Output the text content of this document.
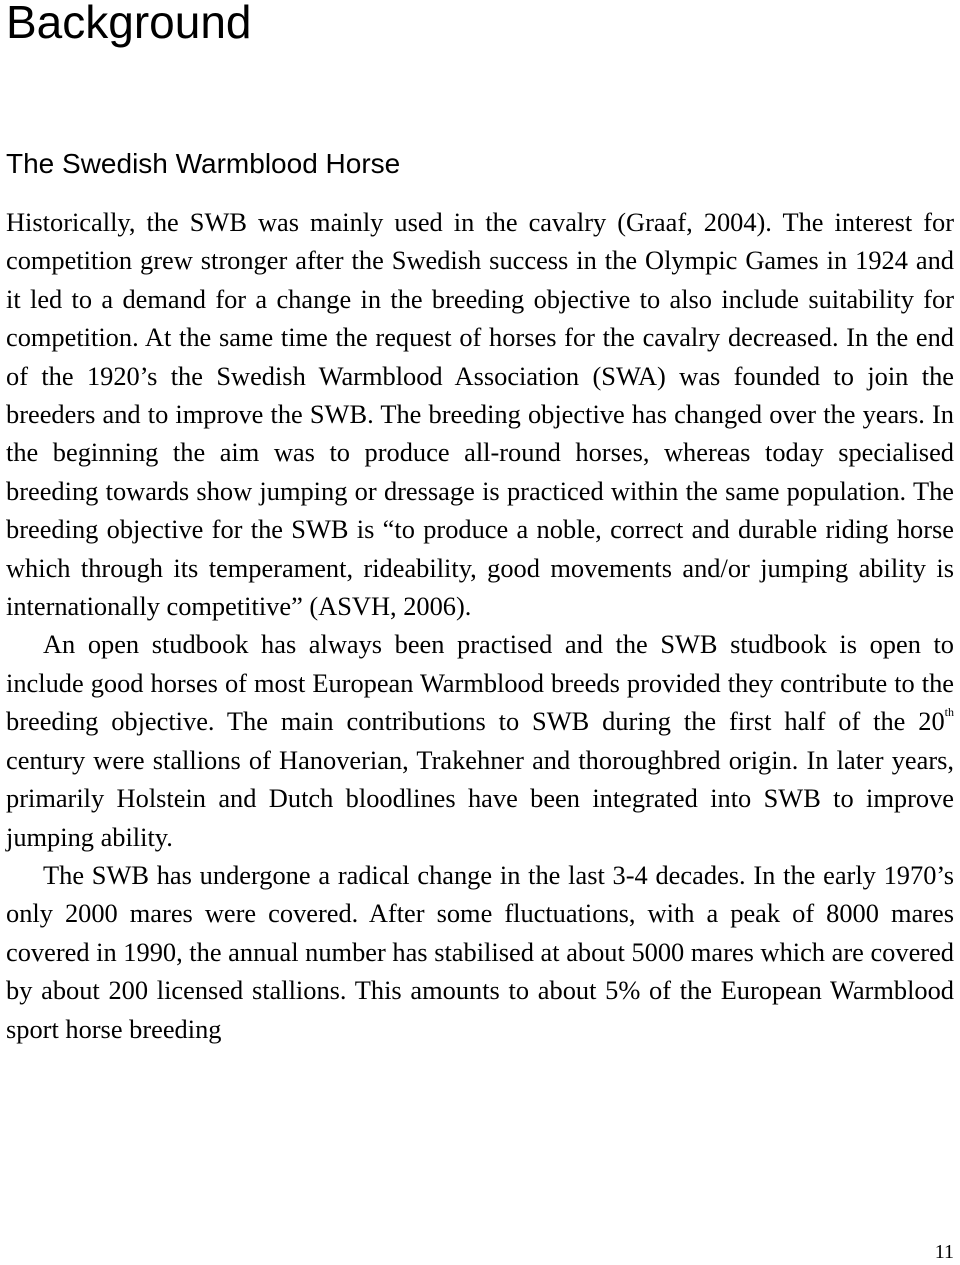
Background
The Swedish Warmblood Horse

Historically, the SWB was mainly used in the cavalry (Graaf, 2004). The interest for competition grew stronger after the Swedish success in the Olympic Games in 1924 and it led to a demand for a change in the breeding objective to also include suitability for competition. At the same time the request of horses for the cavalry decreased. In the end of the 1920’s the Swedish Warmblood Association (SWA) was founded to join the breeders and to improve the SWB. The breeding objective has changed over the years. In the beginning the aim was to produce all-round horses, whereas today specialised breeding towards show jumping or dressage is practiced within the same population. The breeding objective for the SWB is “to produce a noble, correct and durable riding horse which through its temperament, rideability, good movements and/or jumping ability is internationally competitive” (ASVH, 2006).

An open studbook has always been practised and the SWB studbook is open to include good horses of most European Warmblood breeds provided they contribute to the breeding objective. The main contributions to SWB during the first half of the 20th century were stallions of Hanoverian, Trakehner and thoroughbred origin. In later years, primarily Holstein and Dutch bloodlines have been integrated into SWB to improve jumping ability.

The SWB has undergone a radical change in the last 3-4 decades. In the early 1970’s only 2000 mares were covered. After some fluctuations, with a peak of 8000 mares covered in 1990, the annual number has stabilised at about 5000 mares which are covered by about 200 licensed stallions. This amounts to about 5% of the European Warmblood sport horse breeding

11
